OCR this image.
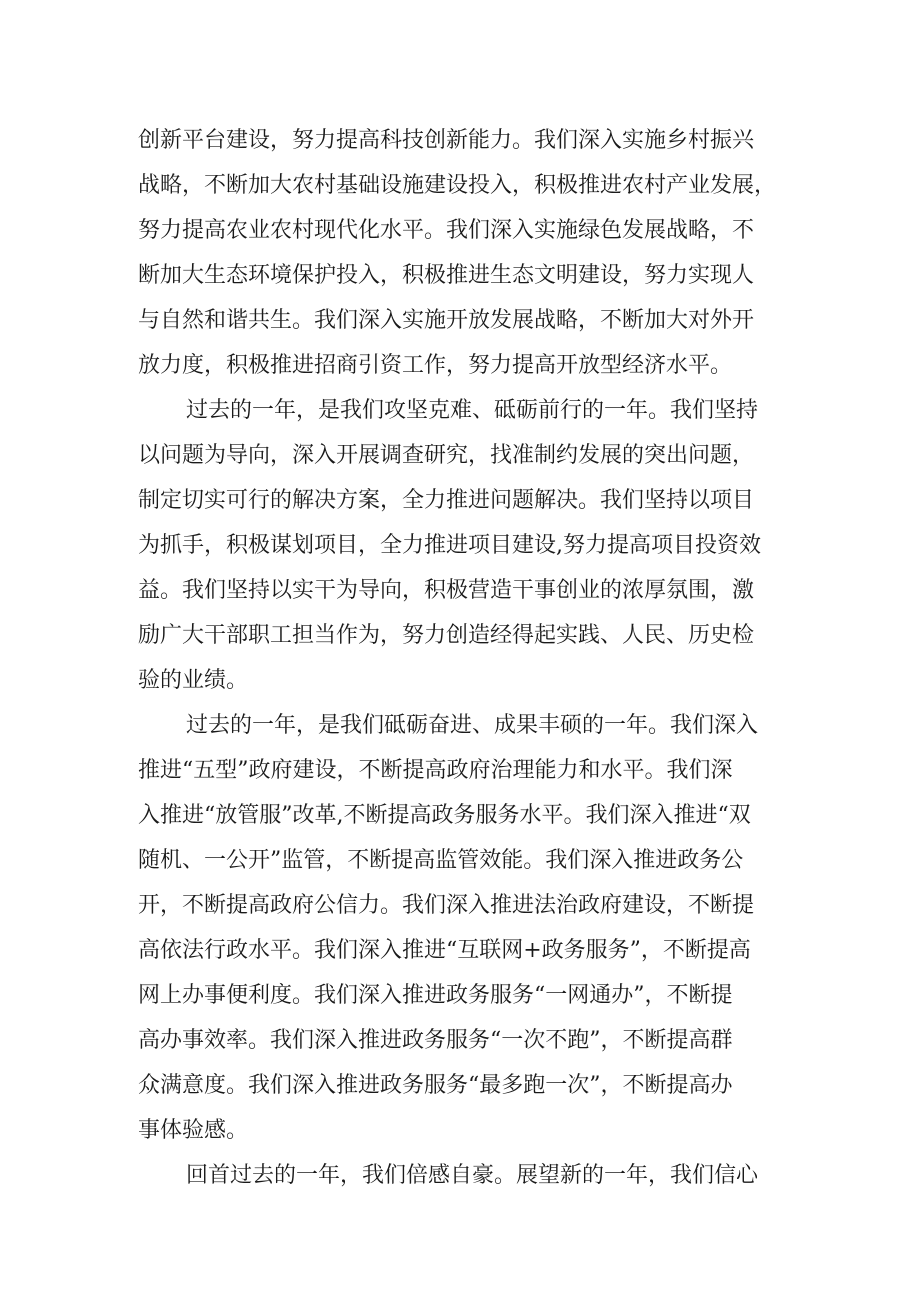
创新平台建设，努力提高科技创新能力。我们深入实施乡村振兴
战略，不断加大农村基础设施建设投入，积极推进农村产业发展，
努力提高农业农村现代化水平。我们深入实施绿色发展战略，不
断加大生态环境保护投入，积极推进生态文明建设，努力实现人
与自然和谐共生。我们深入实施开放发展战略，不断加大对外开
放力度，积极推进招商引资工作，努力提高开放型经济水平。

过去的一年，是我们攻坚克难、砥砺前行的一年。我们坚持
以问题为导向，深入开展调查研究，找准制约发展的突出问题，
制定切实可行的解决方案，全力推进问题解决。我们坚持以项目
为抓手，积极谋划项目，全力推进项目建设,努力提高项目投资效
益。我们坚持以实干为导向，积极营造干事创业的浓厚氛围，激
励广大干部职工担当作为，努力创造经得起实践、人民、历史检
验的业绩。

过去的一年，是我们砥砺奋进、成果丰硕的一年。我们深入
推进“五型”政府建设，不断提高政府治理能力和水平。我们深
入推进“放管服”改革,不断提高政务服务水平。我们深入推进“双
随机、一公开”监管，不断提高监管效能。我们深入推进政务公
开，不断提高政府公信力。我们深入推进法治政府建设，不断提
高依法行政水平。我们深入推进“互联网+政务服务”，不断提高
网上办事便利度。我们深入推进政务服务“一网通办”，不断提
高办事效率。我们深入推进政务服务“一次不跑”，不断提高群
众满意度。我们深入推进政务服务“最多跑一次”，不断提高办
事体验感。

回首过去的一年，我们倍感自豪。展望新的一年，我们信心
